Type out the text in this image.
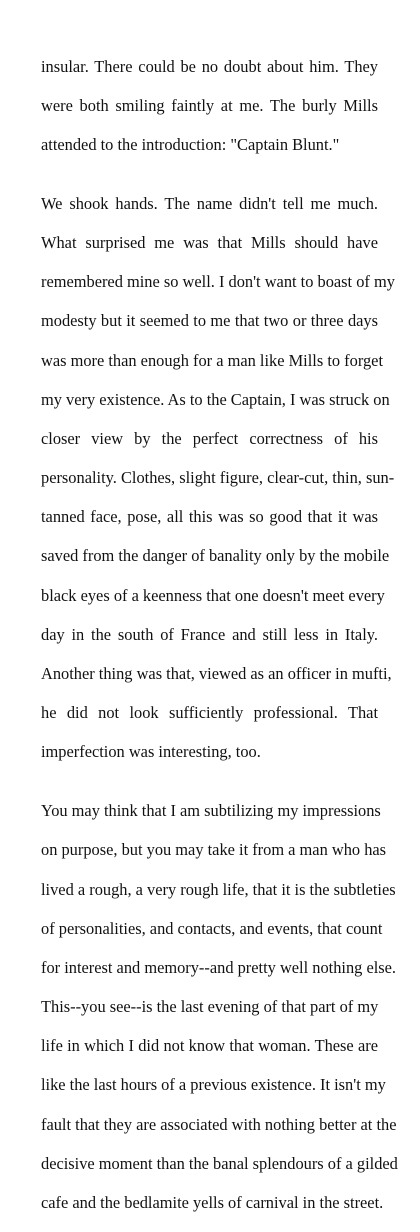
insular. There could be no doubt about him. They

were both smiling faintly at me. The burly Mills

attended to the introduction: "Captain Blunt."

We shook hands. The name didn't tell me much.

What surprised me was that Mills should have

remembered mine so well. I don't want to boast of my

modesty but it seemed to me that two or three days

was more than enough for a man like Mills to forget

my very existence. As to the Captain, I was struck on

closer view by the perfect correctness of his

personality. Clothes, slight figure, clear-cut, thin, sun-

tanned face, pose, all this was so good that it was

saved from the danger of banality only by the mobile

black eyes of a keenness that one doesn't meet every

day in the south of France and still less in Italy.

Another thing was that, viewed as an officer in mufti,

he did not look sufficiently professional. That

imperfection was interesting, too.

You may think that I am subtilizing my impressions

on purpose, but you may take it from a man who has

lived a rough, a very rough life, that it is the subtleties

of personalities, and contacts, and events, that count

for interest and memory--and pretty well nothing else.

This--you see--is the last evening of that part of my

life in which I did not know that woman. These are

like the last hours of a previous existence. It isn't my

fault that they are associated with nothing better at the

decisive moment than the banal splendours of a gilded

cafe and the bedlamite yells of carnival in the street.
